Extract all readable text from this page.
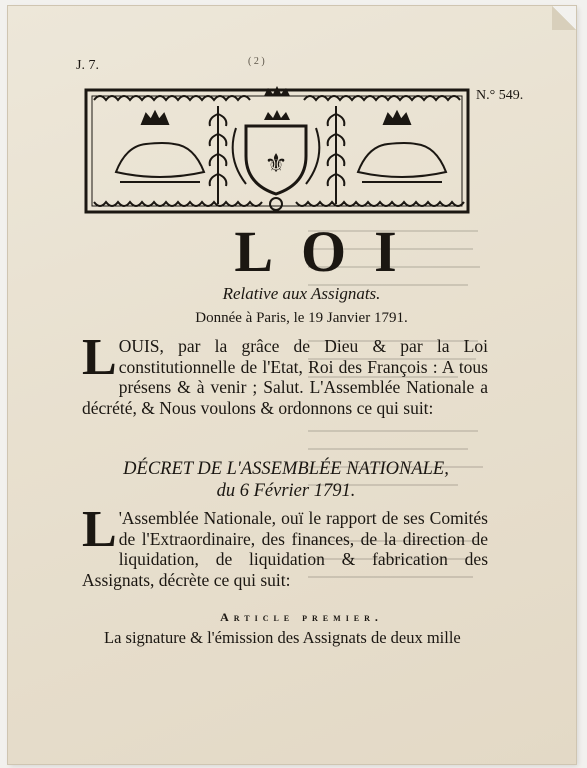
( 2 )
J. 7.
N.° 549.
⚜
LOI
Relative aux Assignats.
Donnée à Paris, le 19 Janvier 1791.
LOUIS, par la grâce de Dieu & par la Loi constitutionnelle de l'Etat, Roi des François : A tous présens & à venir ; Salut. L'Assemblée Nationale a décrété, & Nous voulons & ordonnons ce qui suit:
DÉCRET DE L'ASSEMBLÉE NATIONALE,
du 6 Février 1791.
L 'Assemblée Nationale, ouï le rapport de ses Comités de l'Extraordinaire, des finances, de la direction de liquidation, de liquidation & fabrication des Assignats, décrète ce qui suit:
Article premier.
La signature & l'émission des Assignats de deux mille
